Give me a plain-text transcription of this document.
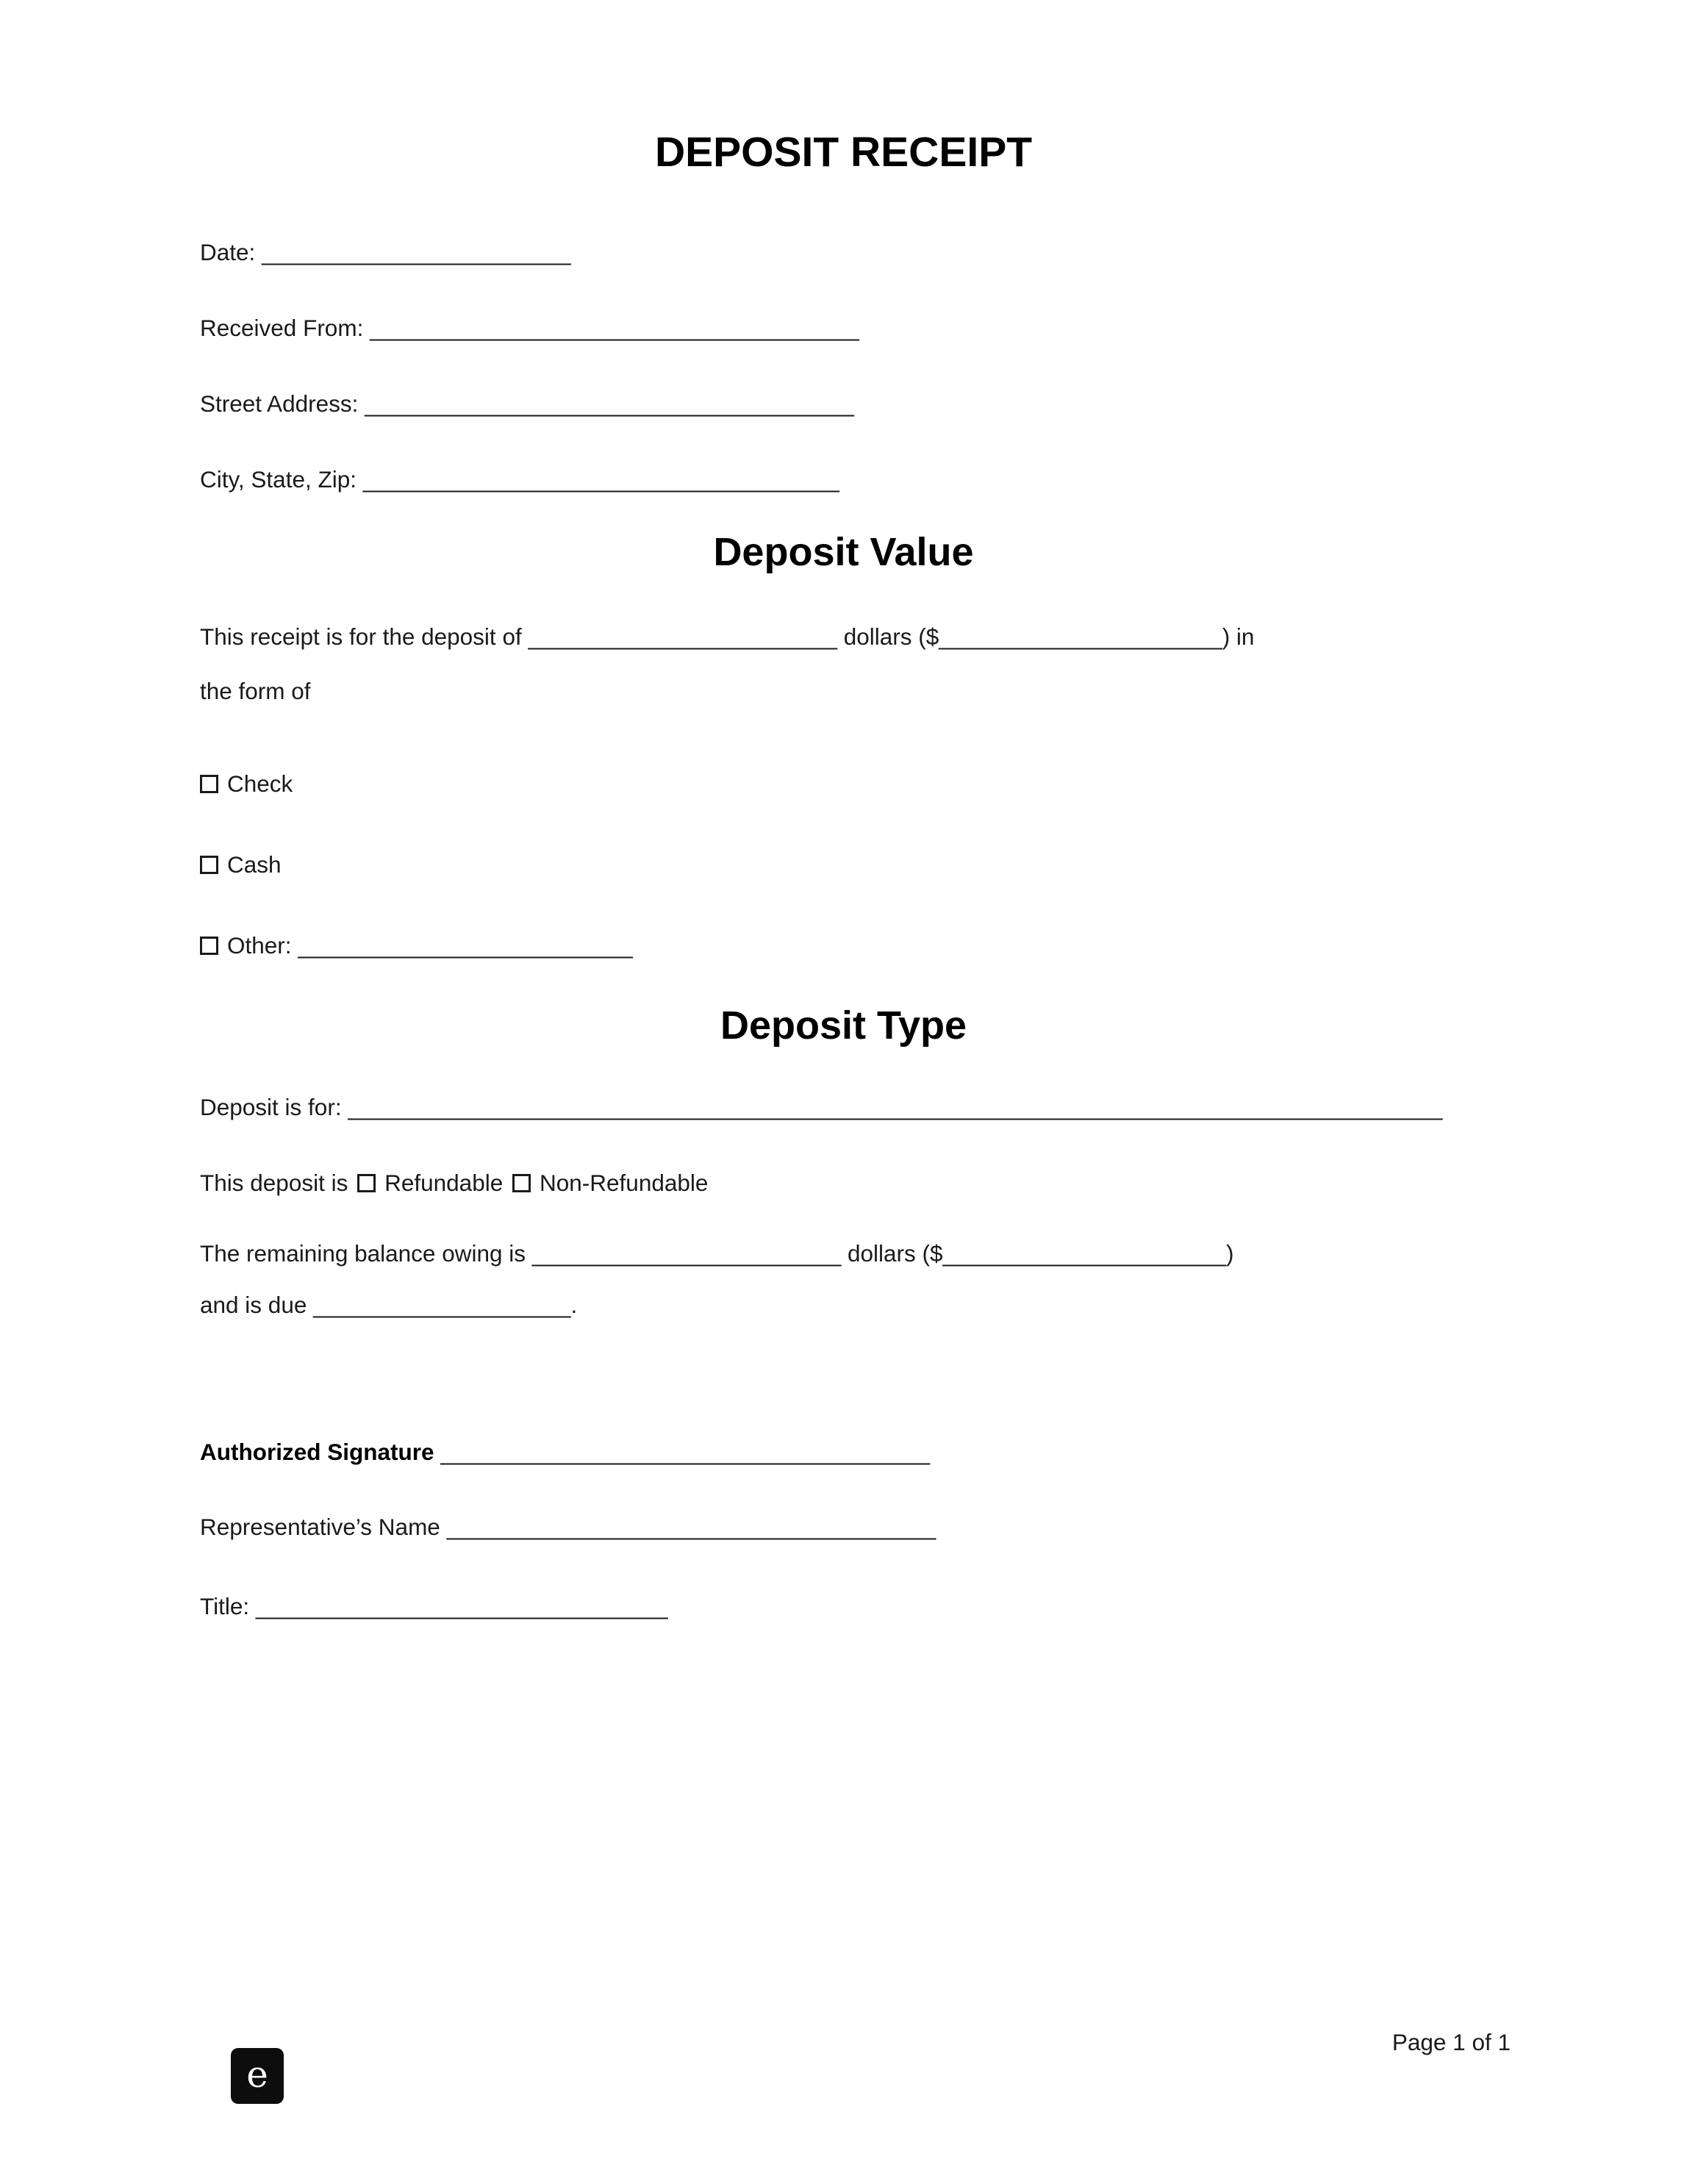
DEPOSIT RECEIPT
Date: ________________________
Received From: ______________________________________
Street Address: ______________________________________
City, State, Zip: _____________________________________
Deposit Value

This receipt is for the deposit of ________________________ dollars ($______________________) in
the form of

Check
Cash
Other: __________________________
Deposit Type
Deposit is for: _____________________________________________________________________________________
This deposit is Refundable Non-Refundable

The remaining balance owing is ________________________ dollars ($______________________)
and is due ____________________.

Authorized Signature ______________________________________
Representative’s Name ______________________________________
Title: ________________________________
e
Page 1 of 1
